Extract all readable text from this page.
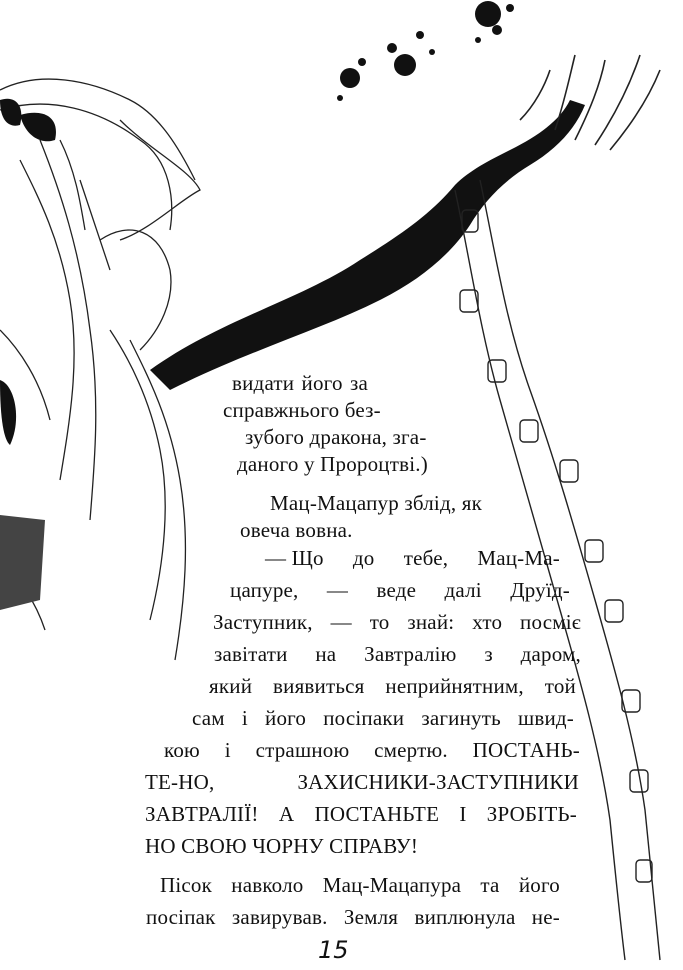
видати його за
справжнього без-
зубого дракона, зга-
даного у Пророцтві.)
Мац-Мацапур зблід, як
овеча вовна.
— Що до тебе, Мац-Ма-
цапуре, — веде далі Друїд-
Заступник, — то знай: хто посміє
завітати на Завтралію з даром,
який виявиться неприйнятним, той
сам і його посіпаки загинуть швид-
кою і страшною смертю. ПОСТАНЬ-
ТЕ-НО,	ЗАХИСНИКИ-ЗАСТУПНИКИ
ЗАВТРАЛІЇ! А ПОСТАНЬТЕ І ЗРОБІТЬ-
НО СВОЮ ЧОРНУ СПРАВУ!
Пісок навколо Мац-Мацапура та його
посіпак завирував. Земля виплюнула не-
15
